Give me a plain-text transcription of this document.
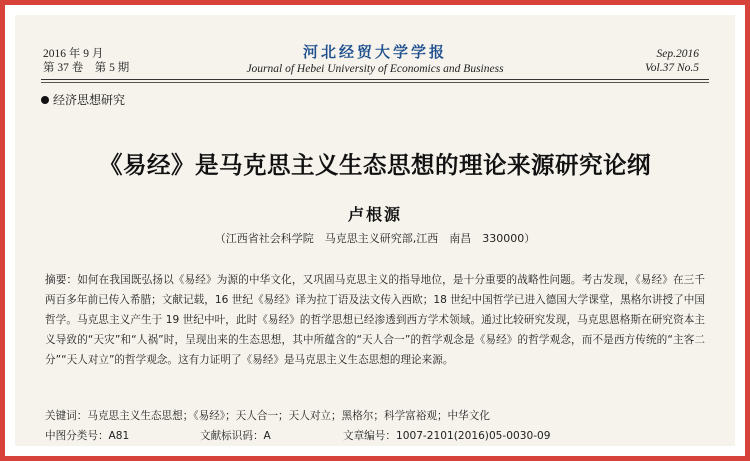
2016 年 9 月
第 37 卷　第 5 期
河北经贸大学学报
Journal of Hebei University of Economics and Business
Sep.2016
Vol.37 No.5
经济思想研究
《易经》是马克思主义生态思想的理论来源研究论纲
卢根源
（江西省社会科学院　马克思主义研究部,江西　南昌　330000）
摘要：如何在我国既弘扬以《易经》为源的中华文化，又巩固马克思主义的指导地位，是十分重要的战略性问题。考古发现，《易经》在三千两百多年前已传入希腊；文献记载，16 世纪《易经》译为拉丁语及法文传入西欧；18 世纪中国哲学已进入德国大学课堂，黑格尔讲授了中国哲学。马克思主义产生于 19 世纪中叶，此时《易经》的哲学思想已经渗透到西方学术领域。通过比较研究发现，马克思恩格斯在研究资本主义导致的“天灾”和“人祸”时，呈现出来的生态思想，其中所蕴含的“天人合一”的哲学观念是《易经》的哲学观念，而不是西方传统的“主客二分”“天人对立”的哲学观念。这有力证明了《易经》是马克思主义生态思想的理论来源。
关键词：马克思主义生态思想；《易经》；天人合一；天人对立；黑格尔；科学富裕观；中华文化
中图分类号：A81	文献标识码：A	文章编号：1007-2101(2016)05-0030-09
